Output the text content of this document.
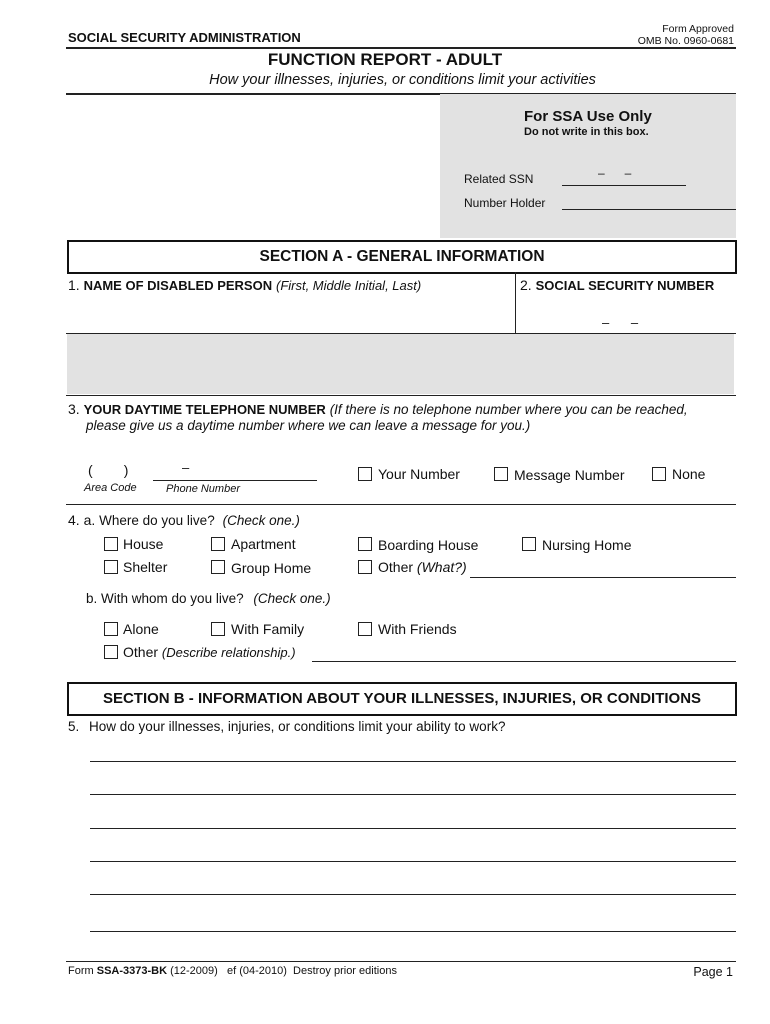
SOCIAL SECURITY ADMINISTRATION
Form Approved
OMB No. 0960-0681
FUNCTION REPORT - ADULT
How your illnesses, injuries, or conditions limit your activities
For SSA Use Only
Do not write in this box.
Related SSN	–      –
Number Holder
SECTION A - GENERAL INFORMATION
1. NAME OF DISABLED PERSON (First, Middle Initial, Last)	2. SOCIAL SECURITY NUMBER
–      –
3. YOUR DAYTIME TELEPHONE NUMBER (If there is no telephone number where you can be reached,
please give us a daytime number where we can leave a message for you.)
(        )	–
Area Code	Phone Number
Your Number	Message Number	None
4. a. Where do you live? (Check one.)
House	Apartment	Boarding House	Nursing Home
Shelter	Group Home	Other (What?)
b. With whom do you live? (Check one.)
Alone	With Family	With Friends
Other (Describe relationship.)
SECTION B - INFORMATION ABOUT YOUR ILLNESSES, INJURIES, OR CONDITIONS
5. How do your illnesses, injuries, or conditions limit your ability to work?
Form SSA-3373-BK (12-2009)   ef (04-2010)  Destroy prior editions	Page 1
